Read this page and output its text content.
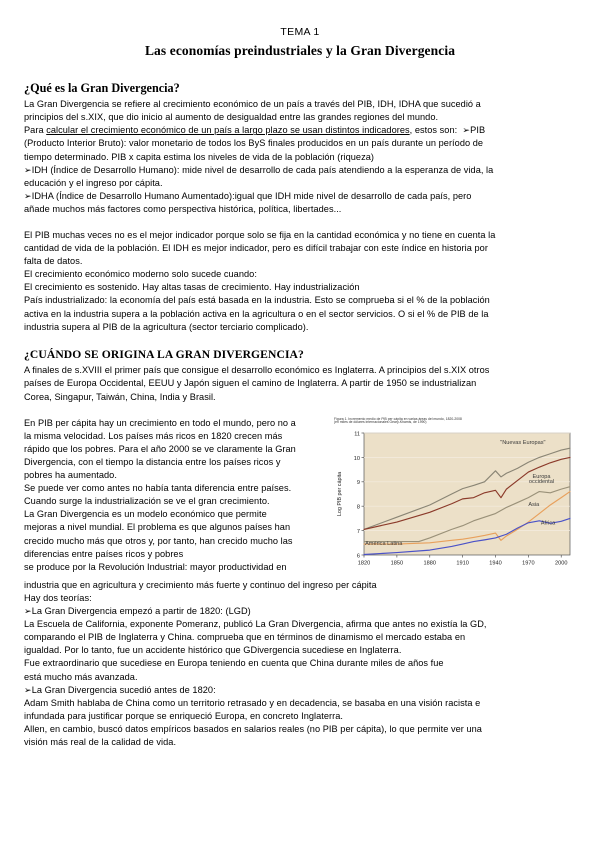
TEMA 1
Las economías preindustriales y la Gran Divergencia
¿Qué es la Gran Divergencia?

La Gran Divergencia se refiere al crecimiento económico de un país a través del PIB, IDH, IDHA que sucedió a

principios del s.XIX, que dio inicio al aumento de desigualdad entre las grandes regiones del mundo.

Para calcular el crecimiento económico de un país a largo plazo se usan distintos indicadores, estos son:  ➢PIB

(Producto Interior Bruto): valor monetario de todos los ByS finales producidos en un país durante un período de

tiempo determinado. PIB x capita estima los niveles de vida de la población (riqueza)

➢IDH (Índice de Desarrollo Humano): mide nivel de desarrollo de cada país atendiendo a la esperanza de vida, la

educación y el ingreso por cápita.

➢IDHA (Índice de Desarrollo Humano Aumentado):igual que IDH mide nivel de desarrollo de cada país, pero

añade muchos más factores como perspectiva histórica, política, libertades...

El PIB muchas veces no es el mejor indicador porque solo se fija en la cantidad económica y no tiene en cuenta la

cantidad de vida de la población. El IDH es mejor indicador, pero es difícil trabajar con este índice en historia por

falta de datos.

El crecimiento económico moderno solo sucede cuando:

El crecimiento es sostenido. Hay altas tasas de crecimiento. Hay industrialización

País industrializado: la economía del país está basada en la industria. Esto se comprueba si el % de la población

activa en la industria supera a la población activa en la agricultura o en el sector servicios. O si el % de PIB de la

industria supera al PIB de la agricultura (sector terciario complicado).

¿CUÁNDO SE ORIGINA LA GRAN DIVERGENCIA?

A finales de s.XVIII el primer país que consigue el desarrollo económico es Inglaterra. A principios del s.XIX otros

países de Europa Occidental, EEUU y Japón siguen el camino de Inglaterra. A partir de 1950 se industrializan

Corea, Singapur, Taiwán, China, India y Brasil.

Figura 1. Incremento medio de PIB per cápita en varias áreas del mundo, 1820-2008
(en miles de dólares internacionales Geary-Khamis, de 1990)
6
7
8
9
10
11
1820	1850	1880	1910	1940	1970	2000
Log PIB per cápita
"Nuevas Europas"
Europa
occidental
Asia
Africa
América Latina

En PIB per cápita hay un crecimiento en todo el mundo, pero no a

la misma velocidad. Los países más ricos en 1820 crecen más

rápido que los pobres. Para el año 2000 se ve claramente la Gran

Divergencia, con el tiempo la distancia entre los países ricos y

pobres ha aumentado.

Se puede ver como antes no había tanta diferencia entre países.

Cuando surge la industrialización se ve el gran crecimiento.

La Gran Divergencia es un modelo económico que permite

mejoras a nivel mundial. El problema es que algunos países han

crecido mucho más que otros y, por tanto, han crecido mucho las

diferencias entre países ricos y pobres

se produce por la Revolución Industrial: mayor productividad en

industria que en agricultura y crecimiento más fuerte y continuo del ingreso per cápita

Hay dos teorías:

➢La Gran Divergencia empezó a partir de 1820: (LGD)

La Escuela de California, exponente Pomeranz, publicó La Gran Divergencia, afirma que antes no existía la GD,

comparando el PIB de Inglaterra y China. comprueba que en términos de dinamismo el mercado estaba en

igualdad. Por lo tanto, fue un accidente histórico que GDivergencia sucediese en Inglaterra.

Fue extraordinario que sucediese en Europa teniendo en cuenta que China durante miles de años fue

está mucho más avanzada.

➢La Gran Divergencia sucedió antes de 1820:

Adam Smith hablaba de China como un territorio retrasado y en decadencia, se basaba en una visión racista e

infundada para justificar porque se enriqueció Europa, en concreto Inglaterra.

Allen, en cambio, buscó datos empíricos basados en salarios reales (no PIB per cápita), lo que permite ver una

visión más real de la calidad de vida.
